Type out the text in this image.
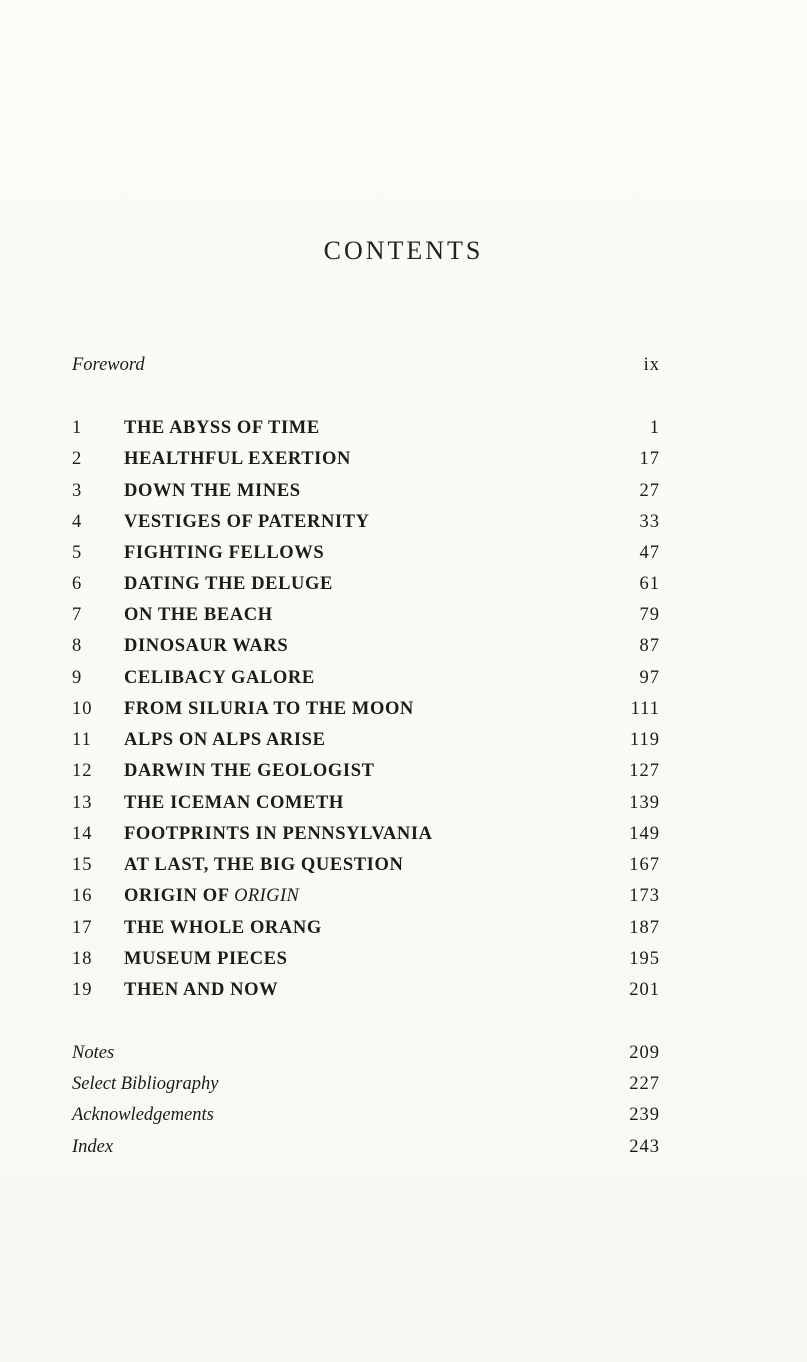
CONTENTS
Foreword	ix
1	THE ABYSS OF TIME	1
2	HEALTHFUL EXERTION	17
3	DOWN THE MINES	27
4	VESTIGES OF PATERNITY	33
5	FIGHTING FELLOWS	47
6	DATING THE DELUGE	61
7	ON THE BEACH	79
8	DINOSAUR WARS	87
9	CELIBACY GALORE	97
10	FROM SILURIA TO THE MOON	111
11	ALPS ON ALPS ARISE	119
12	DARWIN THE GEOLOGIST	127
13	THE ICEMAN COMETH	139
14	FOOTPRINTS IN PENNSYLVANIA	149
15	AT LAST, THE BIG QUESTION	167
16	ORIGIN OF ORIGIN	173
17	THE WHOLE ORANG	187
18	MUSEUM PIECES	195
19	THEN AND NOW	201
Notes	209
Select Bibliography	227
Acknowledgements	239
Index	243
